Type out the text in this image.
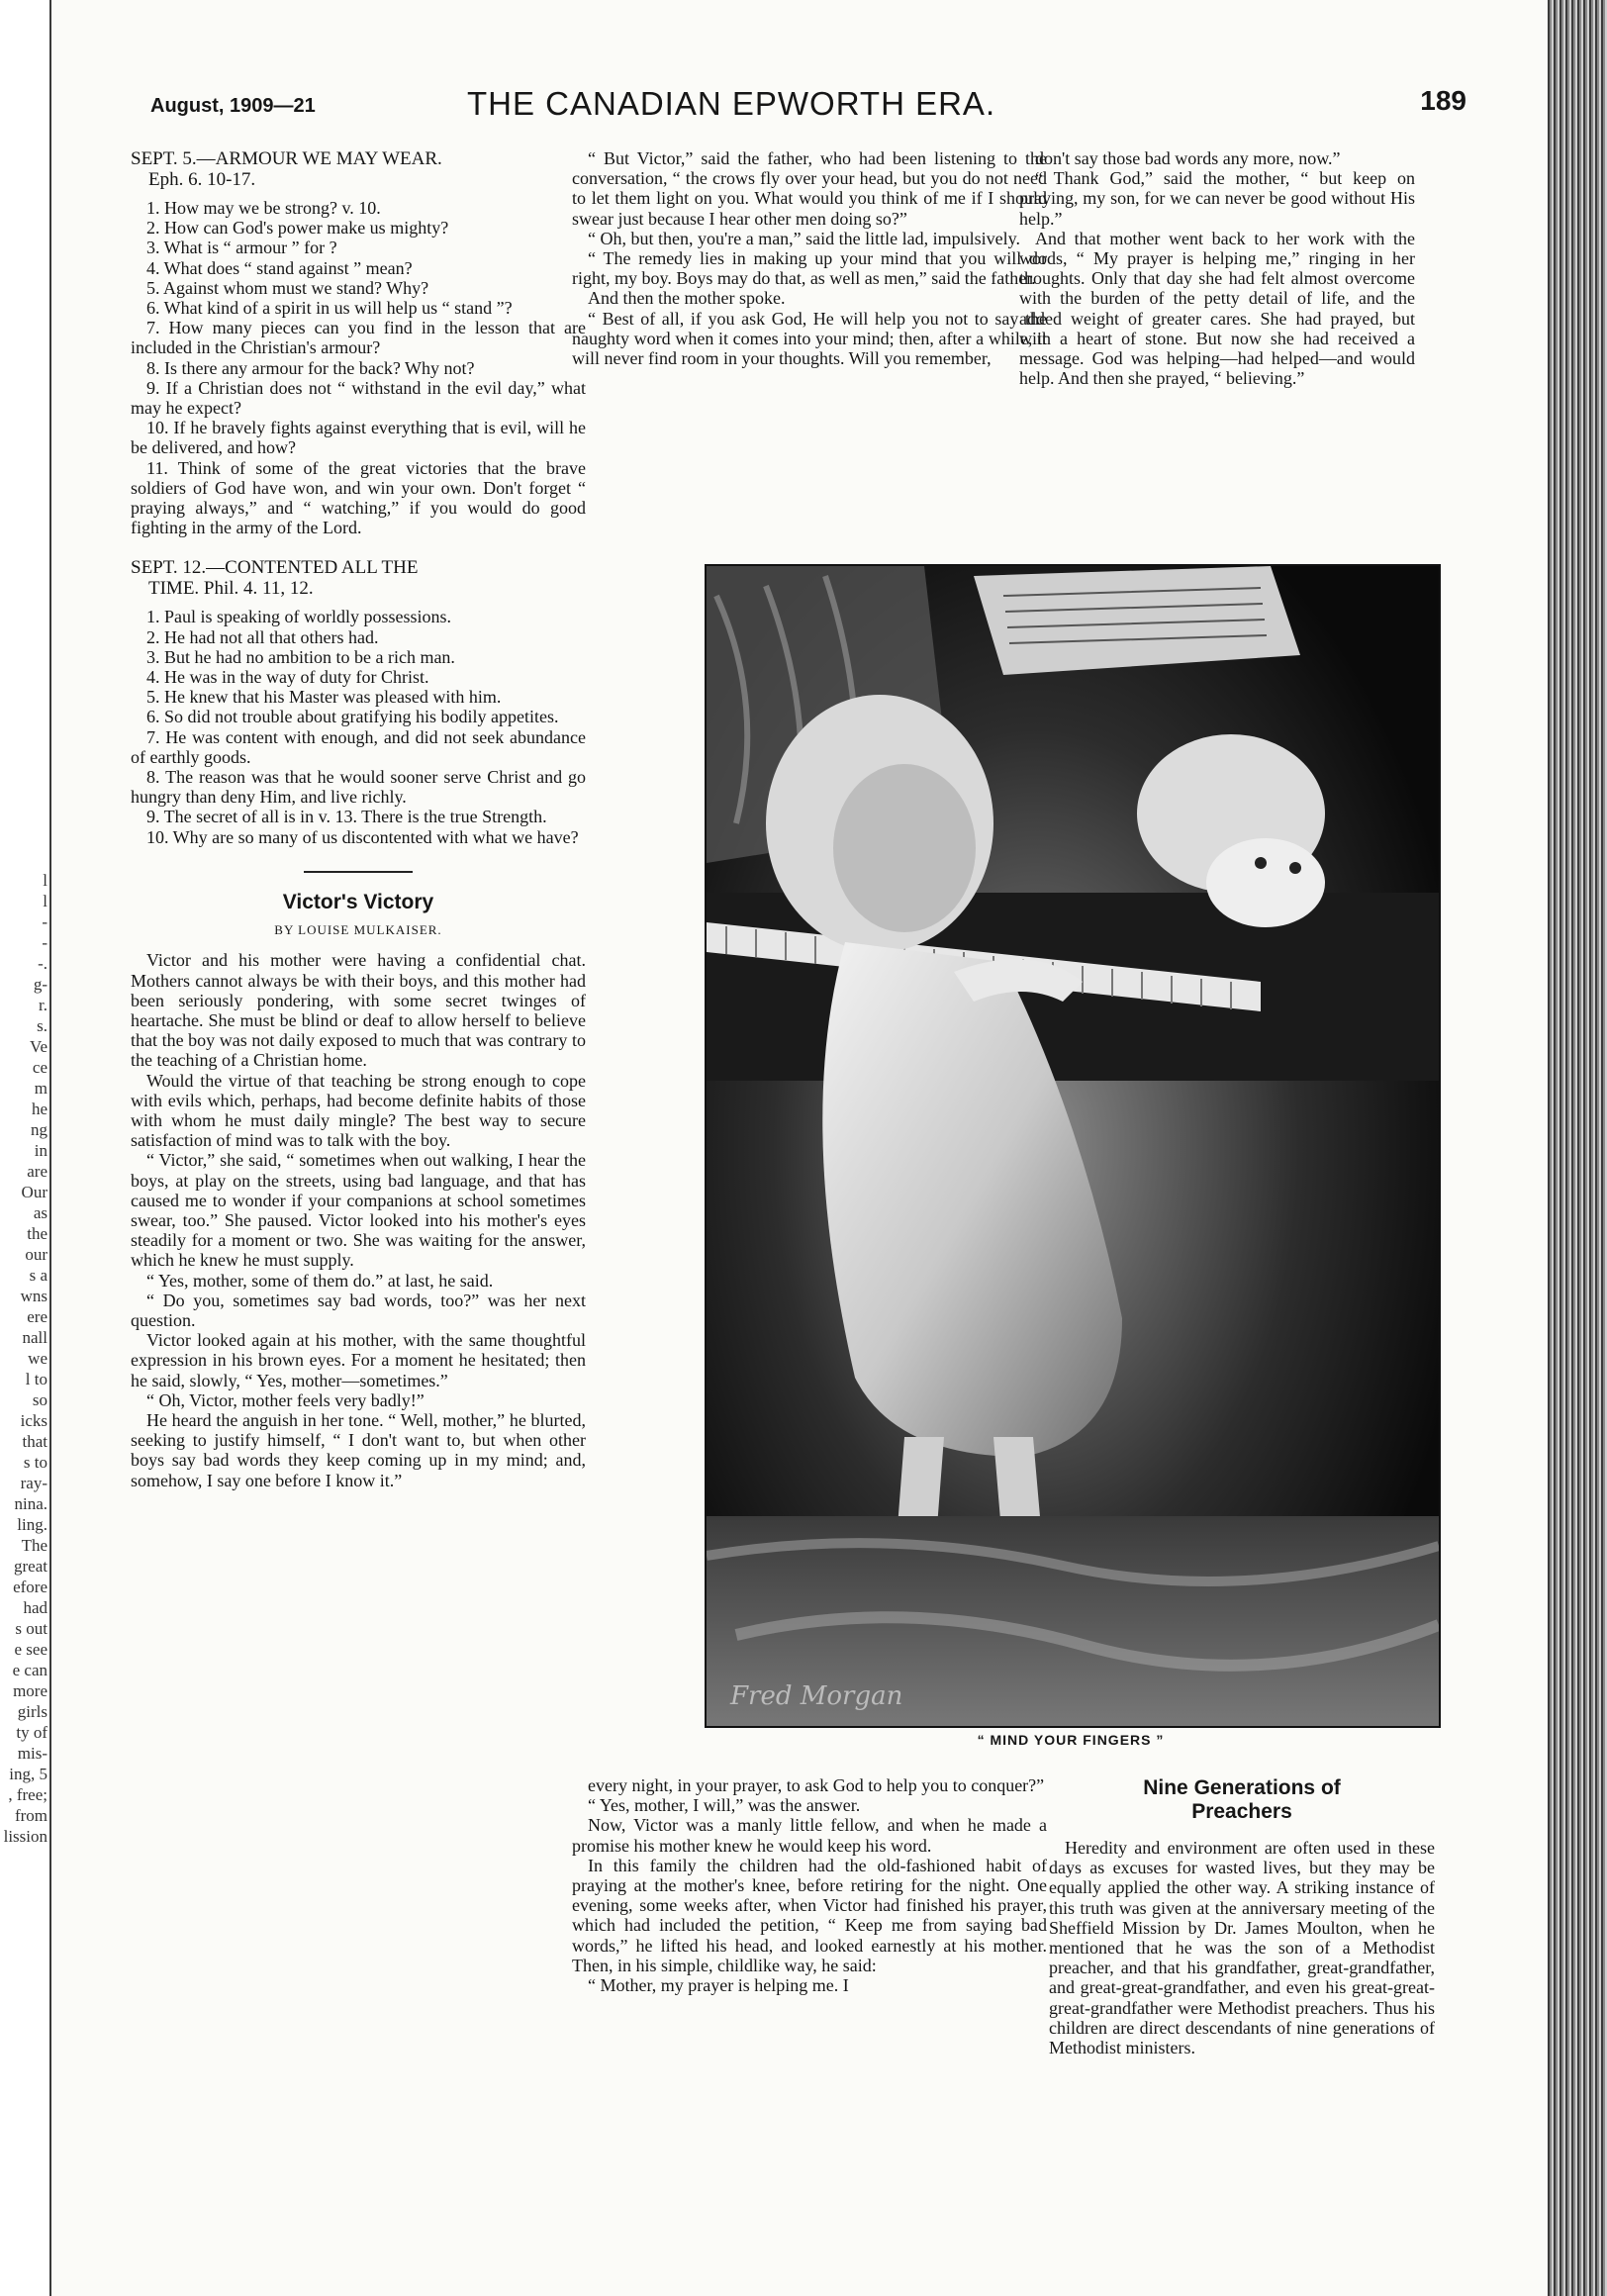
l
l
-
-
-.
g-
r.
s.
Ve
ce
m
he
ng
in
are
Our
as
the
our
s a
wns
ere
nall
we
l to
so
icks
that
s to
ray-
nina.
ling.
The
great
efore
had
s out
e see
e can
more
girls
ty of
mis-
ing, 5
, free;
from
lission
August, 1909—21	THE CANADIAN EPWORTH ERA.	189
SEPT. 5.—ARMOUR WE MAY WEAR.
Eph. 6. 10-17.
1. How may we be strong? v. 10.
2. How can God's power make us mighty?
3. What is “ armour ” for ?
4. What does “ stand against ” mean?
5. Against whom must we stand? Why?
6. What kind of a spirit in us will help us “ stand ”?
7. How many pieces can you find in the lesson that are included in the Christian's armour?
8. Is there any armour for the back? Why not?
9. If a Christian does not “ withstand in the evil day,” what may he expect?
10. If he bravely fights against everything that is evil, will he be delivered, and how?
11. Think of some of the great victories that the brave soldiers of God have won, and win your own. Don't forget “ praying always,” and “ watching,” if you would do good fighting in the army of the Lord.
SEPT. 12.—CONTENTED ALL THE
TIME. Phil. 4. 11, 12.
1. Paul is speaking of worldly possessions.
2. He had not all that others had.
3. But he had no ambition to be a rich man.
4. He was in the way of duty for Christ.
5. He knew that his Master was pleased with him.
6. So did not trouble about gratifying his bodily appetites.
7. He was content with enough, and did not seek abundance of earthly goods.
8. The reason was that he would sooner serve Christ and go hungry than deny Him, and live richly.
9. The secret of all is in v. 13. There is the true Strength.
10. Why are so many of us discontented with what we have?
Victor's Victory
BY LOUISE MULKAISER.

Victor and his mother were having a confidential chat. Mothers cannot always be with their boys, and this mother had been seriously pondering, with some secret twinges of heartache. She must be blind or deaf to allow herself to believe that the boy was not daily exposed to much that was contrary to the teaching of a Christian home.

Would the virtue of that teaching be strong enough to cope with evils which, perhaps, had become definite habits of those with whom he must daily mingle? The best way to secure satisfaction of mind was to talk with the boy.

“ Victor,” she said, “ sometimes when out walking, I hear the boys, at play on the streets, using bad language, and that has caused me to wonder if your companions at school sometimes swear, too.” She paused. Victor looked into his mother's eyes steadily for a moment or two. She was waiting for the answer, which he knew he must supply.

“ Yes, mother, some of them do.” at last, he said.

“ Do you, sometimes say bad words, too?” was her next question.

Victor looked again at his mother, with the same thoughtful expression in his brown eyes. For a moment he hesitated; then he said, slowly, “ Yes, mother—sometimes.”

“ Oh, Victor, mother feels very badly!”

He heard the anguish in her tone. “ Well, mother,” he blurted, seeking to justify himself, “ I don't want to, but when other boys say bad words they keep coming up in my mind; and, somehow, I say one before I know it.”

“ But Victor,” said the father, who had been listening to the conversation, “ the crows fly over your head, but you do not need to let them light on you. What would you think of me if I should swear just because I hear other men doing so?”

“ Oh, but then, you're a man,” said the little lad, impulsively.

“ The remedy lies in making up your mind that you will do right, my boy. Boys may do that, as well as men,” said the father.

And then the mother spoke.

“ Best of all, if you ask God, He will help you not to say the naughty word when it comes into your mind; then, after a while, it will never find room in your thoughts. Will you remember,

don't say those bad words any more, now.”

“ Thank God,” said the mother, “ but keep on praying, my son, for we can never be good without His help.”

And that mother went back to her work with the words, “ My prayer is helping me,” ringing in her thoughts. Only that day she had felt almost overcome with the burden of the petty detail of life, and the added weight of greater cares. She had prayed, but with a heart of stone. But now she had received a message. God was helping—had helped—and would help. And then she prayed, “ believing.”

Fred Morgan
“ MIND YOUR FINGERS ”

every night, in your prayer, to ask God to help you to conquer?”

“ Yes, mother, I will,” was the answer.

Now, Victor was a manly little fellow, and when he made a promise his mother knew he would keep his word.

In this family the children had the old-fashioned habit of praying at the mother's knee, before retiring for the night. One evening, some weeks after, when Victor had finished his prayer, which had included the petition, “ Keep me from saying bad words,” he lifted his head, and looked earnestly at his mother. Then, in his simple, childlike way, he said:

“ Mother, my prayer is helping me. I

Nine Generations of
Preachers

Heredity and environment are often used in these days as excuses for wasted lives, but they may be equally applied the other way. A striking instance of this truth was given at the anniversary meeting of the Sheffield Mission by Dr. James Moulton, when he mentioned that he was the son of a Methodist preacher, and that his grandfather, great-grandfather, and great-great-grandfather, and even his great-great-great-grandfather were Methodist preachers. Thus his children are direct descendants of nine generations of Methodist ministers.
